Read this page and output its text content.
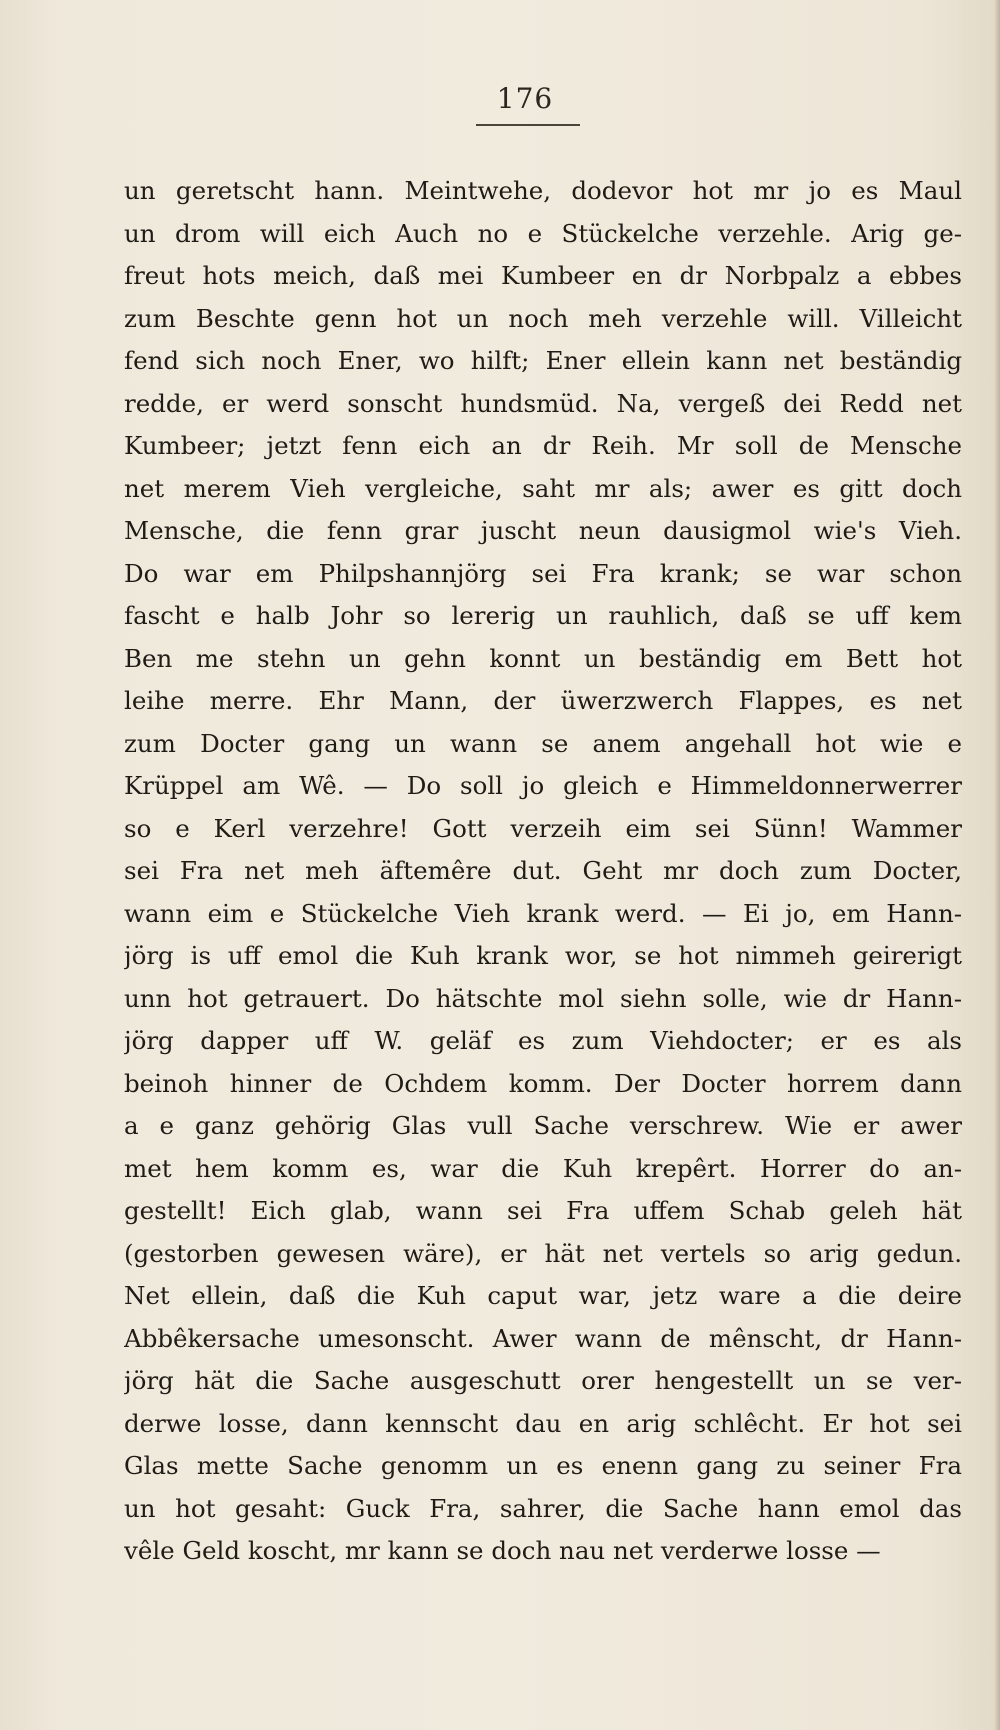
176
un geretscht hann. Meintwehe, dodevor hot mr jo es Maul
un drom will eich Auch no e Stückelche verzehle. Arig ge-
freut hots meich, daß mei Kumbeer en dr Norbpalz a ebbes
zum Beschte genn hot un noch meh verzehle will. Villeicht
fend sich noch Ener, wo hilft; Ener ellein kann net beständig
redde, er werd sonscht hundsmüd. Na, vergeß dei Redd net
Kumbeer; jetzt fenn eich an dr Reih. Mr soll de Mensche
net merem Vieh vergleiche, saht mr als; awer es gitt doch
Mensche, die fenn grar juscht neun dausigmol wie's Vieh.
Do war em Philpshannjörg sei Fra krank; se war schon
fascht e halb Johr so lererig un rauhlich, daß se uff kem
Ben me stehn un gehn konnt un beständig em Bett hot
leihe merre. Ehr Mann, der üwerzwerch Flappes, es net
zum Docter gang un wann se anem angehall hot wie e
Krüppel am Wê. — Do soll jo gleich e Himmeldonnerwerrer
so e Kerl verzehre! Gott verzeih eim sei Sünn! Wammer
sei Fra net meh äftemêre dut. Geht mr doch zum Docter,
wann eim e Stückelche Vieh krank werd. — Ei jo, em Hann-
jörg is uff emol die Kuh krank wor, se hot nimmeh geirerigt
unn hot getrauert. Do hätschte mol siehn solle, wie dr Hann-
jörg dapper uff W. geläf es zum Viehdocter; er es als
beinoh hinner de Ochdem komm. Der Docter horrem dann
a e ganz gehörig Glas vull Sache verschrew. Wie er awer
met hem komm es, war die Kuh krepêrt. Horrer do an-
gestellt! Eich glab, wann sei Fra uffem Schab geleh hät
(gestorben gewesen wäre), er hät net vertels so arig gedun.
Net ellein, daß die Kuh caput war, jetz ware a die deire
Abbêkersache umesonscht. Awer wann de mênscht, dr Hann-
jörg hät die Sache ausgeschutt orer hengestellt un se ver-
derwe losse, dann kennscht dau en arig schlêcht. Er hot sei
Glas mette Sache genomm un es enenn gang zu seiner Fra
un hot gesaht: Guck Fra, sahrer, die Sache hann emol das
vêle Geld koscht, mr kann se doch nau net verderwe losse —
